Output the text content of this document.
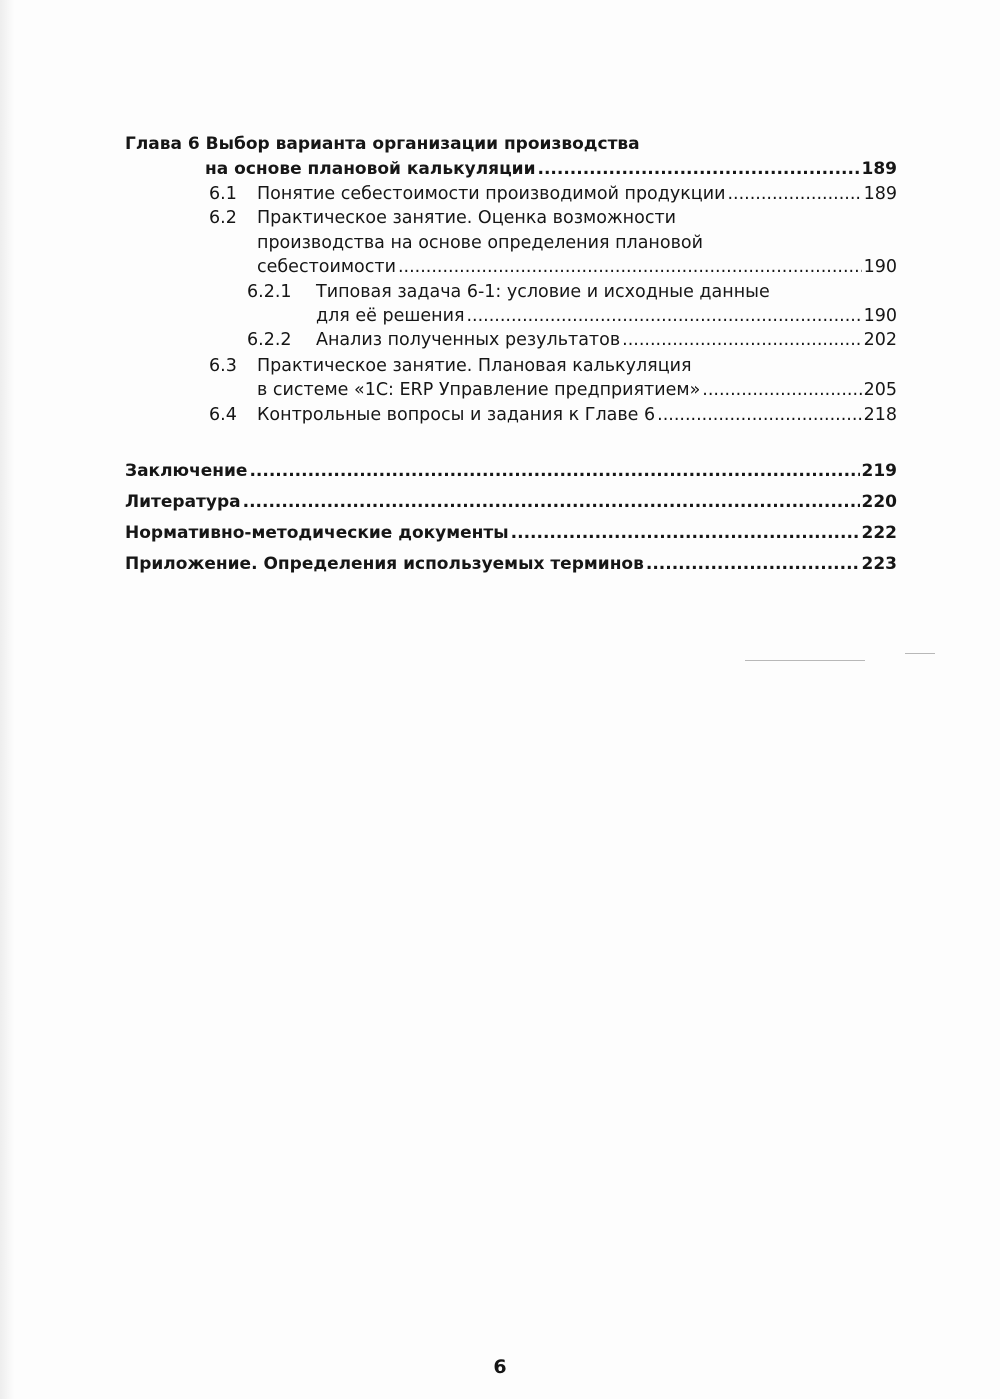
Глава 6 Выбор варианта организации производства
на основе плановой калькуляции .....	189
6.1 Понятие себестоимости производимой продукции .....	189
6.2 Практическое занятие. Оценка возможности
производства на основе определения плановой
себестоимости .....	190
6.2.1 Типовая задача 6-1: условие и исходные данные
для её решения .....	190
6.2.2 Анализ полученных результатов .....	202
6.3 Практическое занятие. Плановая калькуляция
в системе «1С: ERP Управление предприятием» .....	205
6.4 Контрольные вопросы и задания к Главе 6 .....	218
Заключение .....	219
Литература .....	220
Нормативно-методические документы .....	222
Приложение. Определения используемых терминов .....	223
6
